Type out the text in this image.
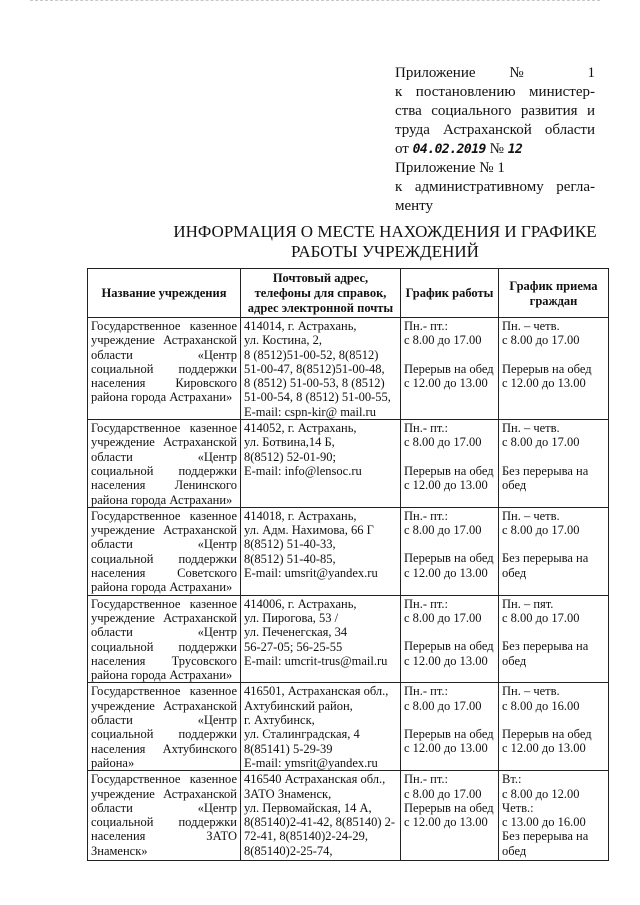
Приложение № 1
к постановлению министер-
ства социального развития и
труда Астраханской области
от 04.02.2019 № 12
Приложение № 1
к административному регла-
менту
ИНФОРМАЦИЯ О МЕСТЕ НАХОЖДЕНИЯ И ГРАФИКЕ РАБОТЫ УЧРЕЖДЕНИЙ
Название учреждения	Почтовый адрес, телефоны для справок, адрес электронной почты	График работы	График приема граждан
Государственное казенное учреждение Астраханской области «Центр социальной поддержки населения Кировского района города Астрахани»	414014, г. Астрахань,
ул. Костина, 2,
8 (8512)51-00-52, 8(8512) 51-00-47, 8(8512)51-00-48,
8 (8512) 51-00-53, 8 (8512) 51-00-54, 8 (8512) 51-00-55,
E-mail: cspn-kir@ mail.ru	Пн.- пт.:
с 8.00 до 17.00
Перерыв на обед
с 12.00 до 13.00	Пн. – четв.
с 8.00 до 17.00
Перерыв на обед
с 12.00 до 13.00

Государственное казенное учреждение Астраханской области «Центр социальной поддержки населения Ленинского района города Астрахани»	414052, г. Астрахань,
ул. Ботвина,14 Б,
8(8512) 52-01-90;
E-mail: info@lensoc.ru	Пн.- пт.:
с 8.00 до 17.00
Перерыв на обед
с 12.00 до 13.00	Пн. – четв.
с 8.00 до 17.00
Без перерыва на обед

Государственное казенное учреждение Астраханской области «Центр социальной поддержки населения Советского района города Астрахани»	414018, г. Астрахань,
ул. Адм. Нахимова, 66 Г
8(8512) 51-40-33,
8(8512) 51-40-85,
E-mail: umsrit@yandex.ru	Пн.- пт.:
с 8.00 до 17.00
Перерыв на обед
с 12.00 до 13.00	Пн. – четв.
с 8.00 до 17.00
Без перерыва на обед

Государственное казенное учреждение Астраханской области «Центр социальной поддержки населения Трусовского района города Астрахани»	414006, г. Астрахань,
ул. Пирогова, 53 /
ул. Печенегская, 34
56-27-05; 56-25-55
E-mail: umcrit-trus@mail.ru	Пн.- пт.:
с 8.00 до 17.00
Перерыв на обед
с 12.00 до 13.00	Пн. – пят.
с 8.00 до 17.00
Без перерыва на обед

Государственное казенное учреждение Астраханской области «Центр социальной поддержки населения Ахтубинского района»	416501, Астраханская обл., Ахтубинский район,
г. Ахтубинск,
ул. Сталинградская, 4
8(85141) 5-29-39
E-mail: ymsrit@yandex.ru	Пн.- пт.:
с 8.00 до 17.00
Перерыв на обед
с 12.00 до 13.00	Пн. – четв.
с 8.00 до 16.00
Перерыв на обед
с 12.00 до 13.00

Государственное казенное учреждение Астраханской области «Центр социальной поддержки населения ЗАТО Знаменск»	416540 Астраханская обл., ЗАТО Знаменск,
ул. Первомайская, 14 А,
8(85140)2-41-42, 8(85140) 2-72-41, 8(85140)2-24-29,
8(85140)2-25-74,	Пн.- пт.:
с 8.00 до 17.00
Перерыв на обед
с 12.00 до 13.00	Вт.:
с 8.00 до 12.00
Четв.:
с 13.00 до 16.00
Без перерыва на обед
